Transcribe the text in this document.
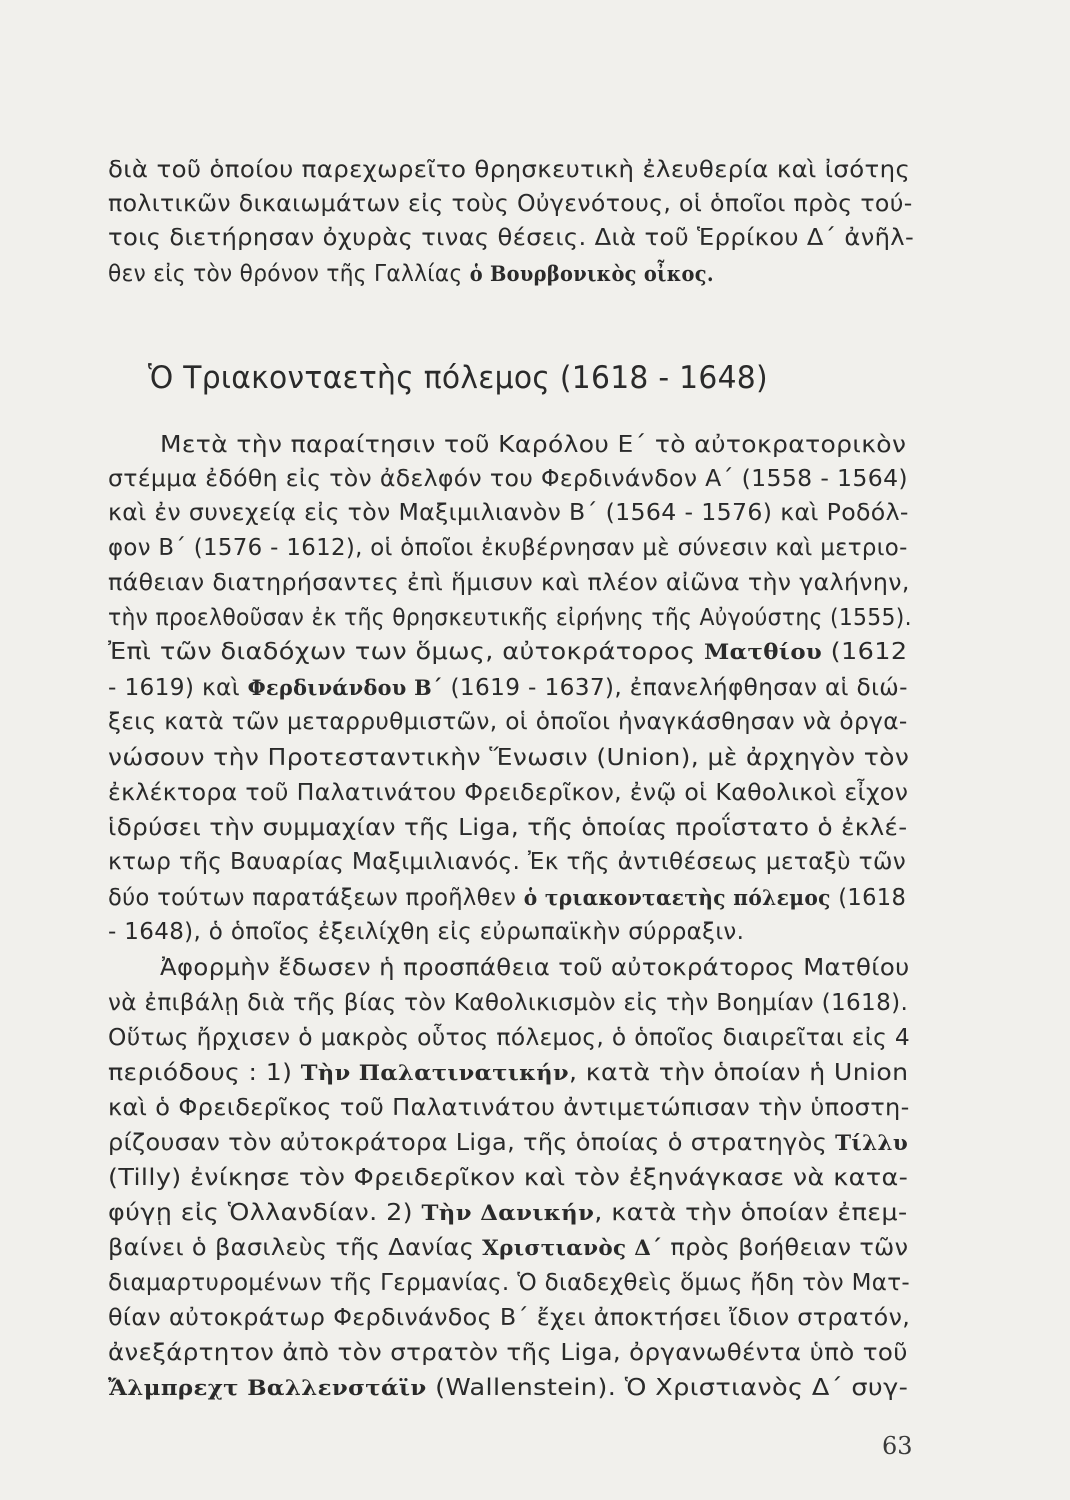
διὰ τοῦ ὁποίου παρεχωρεῖτο θρησκευτικὴ ἐλευθερία καὶ ἰσότης
πολιτικῶν δικαιωμάτων εἰς τοὺς Οὐγενότους, οἱ ὁποῖοι πρὸς τού-
τοις διετήρησαν ὀχυρὰς τινας θέσεις. Διὰ τοῦ Ἑρρίκου Δ΄ ἀνῆλ-
θεν εἰς τὸν θρόνον τῆς Γαλλίας ὁ Βουρβονικὸς οἶκος.
Ὁ Τριακονταετὴς πόλεμος (1618 - 1648)
Μετὰ τὴν παραίτησιν τοῦ Καρόλου Ε΄ τὸ αὐτοκρατορικὸν
στέμμα ἐδόθη εἰς τὸν ἀδελφόν του Φερδινάνδον Α΄ (1558 - 1564)
καὶ ἐν συνεχείᾳ εἰς τὸν Μαξιμιλιανὸν Β΄ (1564 - 1576) καὶ Ροδόλ-
φον Β΄ (1576 - 1612), οἱ ὁποῖοι ἐκυβέρνησαν μὲ σύνεσιν καὶ μετριο-
πάθειαν διατηρήσαντες ἐπὶ ἥμισυν καὶ πλέον αἰῶνα τὴν γαλήνην,
τὴν προελθοῦσαν ἐκ τῆς θρησκευτικῆς εἰρήνης τῆς Αὐγούστης (1555).
Ἐπὶ τῶν διαδόχων των ὅμως, αὐτοκράτορος Ματθίου (1612
- 1619) καὶ Φερδινάνδου Β΄ (1619 - 1637), ἐπανελήφθησαν αἱ διώ-
ξεις κατὰ τῶν μεταρρυθμιστῶν, οἱ ὁποῖοι ἠναγκάσθησαν νὰ ὀργα-
νώσουν τὴν Προτεσταντικὴν Ἕνωσιν (Union), μὲ ἀρχηγὸν τὸν
ἐκλέκτορα τοῦ Παλατινάτου Φρειδερῖκον, ἐνῷ οἱ Καθολικοὶ εἶχον
ἱδρύσει τὴν συμμαχίαν τῆς Liga, τῆς ὁποίας προΐστατο ὁ ἐκλέ-
κτωρ τῆς Βαυαρίας Μαξιμιλιανός. Ἐκ τῆς ἀντιθέσεως μεταξὺ τῶν
δύο τούτων παρατάξεων προῆλθεν ὁ τριακονταετὴς πόλεμος (1618
- 1648), ὁ ὁποῖος ἐξειλίχθη εἰς εὐρωπαϊκὴν σύρραξιν.
Ἀφορμὴν ἔδωσεν ἡ προσπάθεια τοῦ αὐτοκράτορος Ματθίου
νὰ ἐπιβάλῃ διὰ τῆς βίας τὸν Καθολικισμὸν εἰς τὴν Βοημίαν (1618).
Οὕτως ἤρχισεν ὁ μακρὸς οὗτος πόλεμος, ὁ ὁποῖος διαιρεῖται εἰς 4
περιόδους : 1) Τὴν Παλατινατικήν, κατὰ τὴν ὁποίαν ἡ Union
καὶ ὁ Φρειδερῖκος τοῦ Παλατινάτου ἀντιμετώπισαν τὴν ὑποστη-
ρίζουσαν τὸν αὐτοκράτορα Liga, τῆς ὁποίας ὁ στρατηγὸς Τίλλυ
(Tilly) ἐνίκησε τὸν Φρειδερῖκον καὶ τὸν ἐξηνάγκασε νὰ κατα-
φύγῃ εἰς Ὁλλανδίαν. 2) Τὴν Δανικήν, κατὰ τὴν ὁποίαν ἐπεμ-
βαίνει ὁ βασιλεὺς τῆς Δανίας Χριστιανὸς Δ΄ πρὸς βοήθειαν τῶν
διαμαρτυρομένων τῆς Γερμανίας. Ὁ διαδεχθεὶς ὅμως ἤδη τὸν Ματ-
θίαν αὐτοκράτωρ Φερδινάνδος Β΄ ἔχει ἀποκτήσει ἴδιον στρατόν,
ἀνεξάρτητον ἀπὸ τὸν στρατὸν τῆς Liga, ὀργανωθέντα ὑπὸ τοῦ
Ἄλμπρεχτ Βαλλενστάϊν (Wallenstein). Ὁ Χριστιανὸς Δ΄ συγ-
63
